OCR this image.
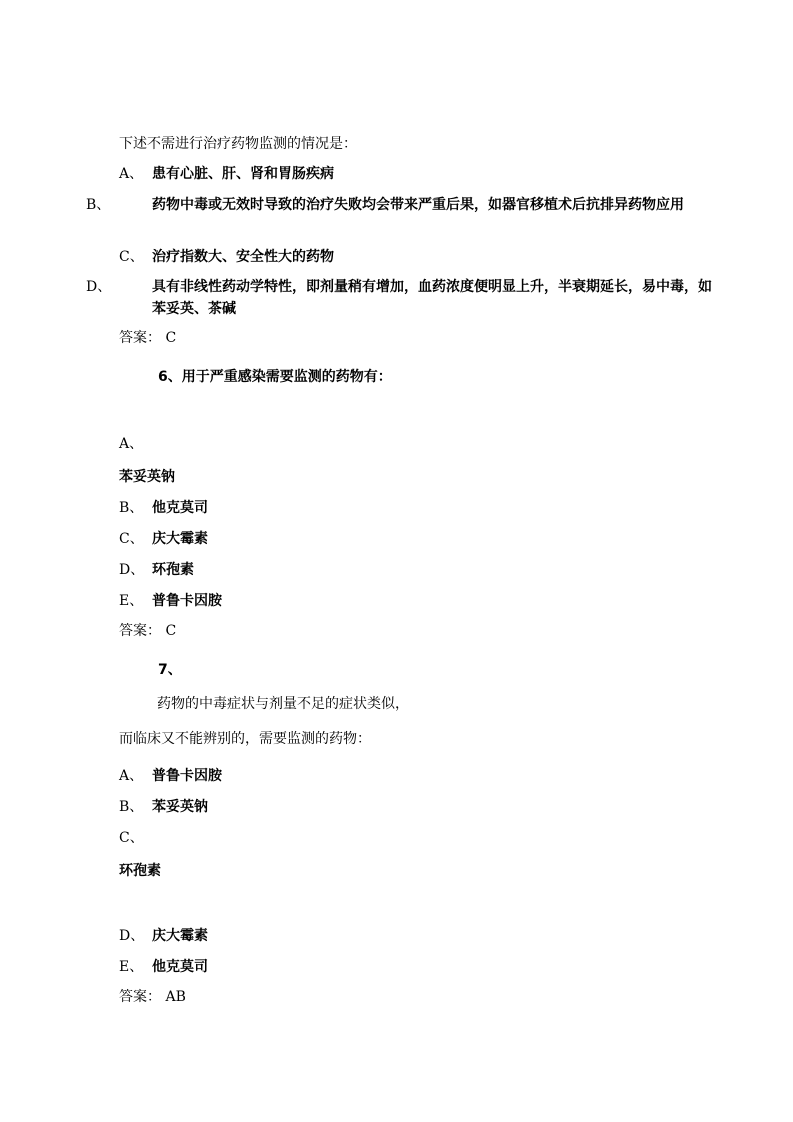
下述不需进行治疗药物监测的情况是：
A、 患有心脏、肝、肾和胃肠疾病
B、	药物中毒或无效时导致的治疗失败均会带来严重后果，如器官移植术后抗排异药物应用
C、 治疗指数大、安全性大的药物
D、	具有非线性药动学特性，即剂量稍有增加，血药浓度便明显上升，半衰期延长，易中毒，如苯妥英、茶碱
答案： C
6、用于严重感染需要监测的药物有：
A、
苯妥英钠
B、 他克莫司
C、 庆大霉素
D、 环孢素
E、 普鲁卡因胺
答案： C
7、
药物的中毒症状与剂量不足的症状类似，
而临床又不能辨别的，需要监测的药物：
A、 普鲁卡因胺
B、 苯妥英钠
C、
环孢素
D、 庆大霉素
E、 他克莫司
答案： AB
